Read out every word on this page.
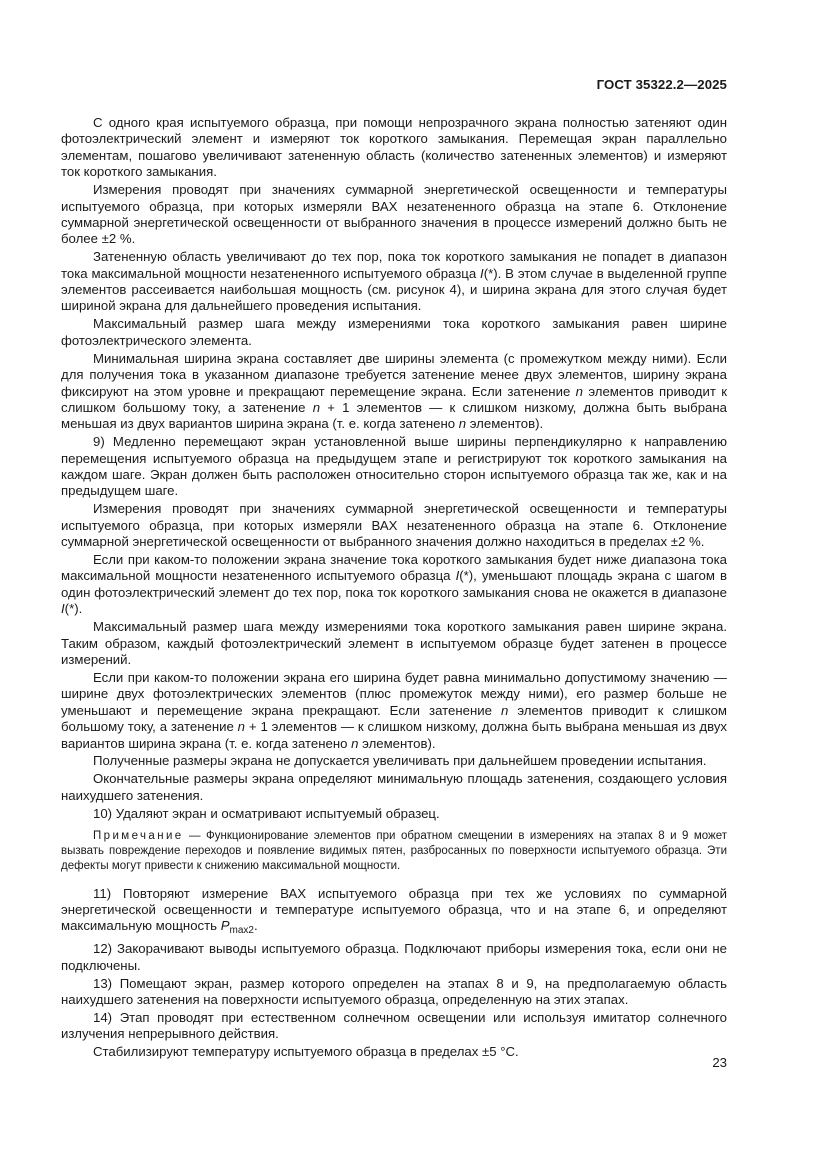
ГОСТ 35322.2—2025

С одного края испытуемого образца, при помощи непрозрачного экрана полностью затеняют один фотоэлектрический элемент и измеряют ток короткого замыкания. Перемещая экран параллельно элементам, пошагово увеличивают затененную область (количество затененных элементов) и измеряют ток короткого замыкания.

Измерения проводят при значениях суммарной энергетической освещенности и температуры испытуемого образца, при которых измеряли ВАХ незатененного образца на этапе 6. Отклонение суммарной энергетической освещенности от выбранного значения в процессе измерений должно быть не более ±2 %.

Затененную область увеличивают до тех пор, пока ток короткого замыкания не попадет в диапазон тока максимальной мощности незатененного испытуемого образца I(*). В этом случае в выделенной группе элементов рассеивается наибольшая мощность (см. рисунок 4), и ширина экрана для этого случая будет шириной экрана для дальнейшего проведения испытания.

Максимальный размер шага между измерениями тока короткого замыкания равен ширине фотоэлектрического элемента.

Минимальная ширина экрана составляет две ширины элемента (с промежутком между ними). Если для получения тока в указанном диапазоне требуется затенение менее двух элементов, ширину экрана фиксируют на этом уровне и прекращают перемещение экрана. Если затенение n элементов приводит к слишком большому току, а затенение n + 1 элементов — к слишком низкому, должна быть выбрана меньшая из двух вариантов ширина экрана (т. е. когда затенено n элементов).

9) Медленно перемещают экран установленной выше ширины перпендикулярно к направлению перемещения испытуемого образца на предыдущем этапе и регистрируют ток короткого замыкания на каждом шаге. Экран должен быть расположен относительно сторон испытуемого образца так же, как и на предыдущем шаге.

Измерения проводят при значениях суммарной энергетической освещенности и температуры испытуемого образца, при которых измеряли ВАХ незатененного образца на этапе 6. Отклонение суммарной энергетической освещенности от выбранного значения должно находиться в пределах ±2 %.

Если при каком-то положении экрана значение тока короткого замыкания будет ниже диапазона тока максимальной мощности незатененного испытуемого образца I(*), уменьшают площадь экрана с шагом в один фотоэлектрический элемент до тех пор, пока ток короткого замыкания снова не окажется в диапазоне I(*).

Максимальный размер шага между измерениями тока короткого замыкания равен ширине экрана. Таким образом, каждый фотоэлектрический элемент в испытуемом образце будет затенен в процессе измерений.

Если при каком-то положении экрана его ширина будет равна минимально допустимому значению — ширине двух фотоэлектрических элементов (плюс промежуток между ними), его размер больше не уменьшают и перемещение экрана прекращают. Если затенение n элементов приводит к слишком большому току, а затенение n + 1 элементов — к слишком низкому, должна быть выбрана меньшая из двух вариантов ширина экрана (т. е. когда затенено n элементов).

Полученные размеры экрана не допускается увеличивать при дальнейшем проведении испытания.

Окончательные размеры экрана определяют минимальную площадь затенения, создающего условия наихудшего затенения.

10) Удаляют экран и осматривают испытуемый образец.

Примечание — Функционирование элементов при обратном смещении в измерениях на этапах 8 и 9 может вызвать повреждение переходов и появление видимых пятен, разбросанных по поверхности испытуемого образца. Эти дефекты могут привести к снижению максимальной мощности.

11) Повторяют измерение ВАХ испытуемого образца при тех же условиях по суммарной энергетической освещенности и температуре испытуемого образца, что и на этапе 6, и определяют максимальную мощность $P_{max2}$.

12) Закорачивают выводы испытуемого образца. Подключают приборы измерения тока, если они не подключены.

13) Помещают экран, размер которого определен на этапах 8 и 9, на предполагаемую область наихудшего затенения на поверхности испытуемого образца, определенную на этих этапах.

14) Этап проводят при естественном солнечном освещении или используя имитатор солнечного излучения непрерывного действия.

Стабилизируют температуру испытуемого образца в пределах ±5 °С.

23
